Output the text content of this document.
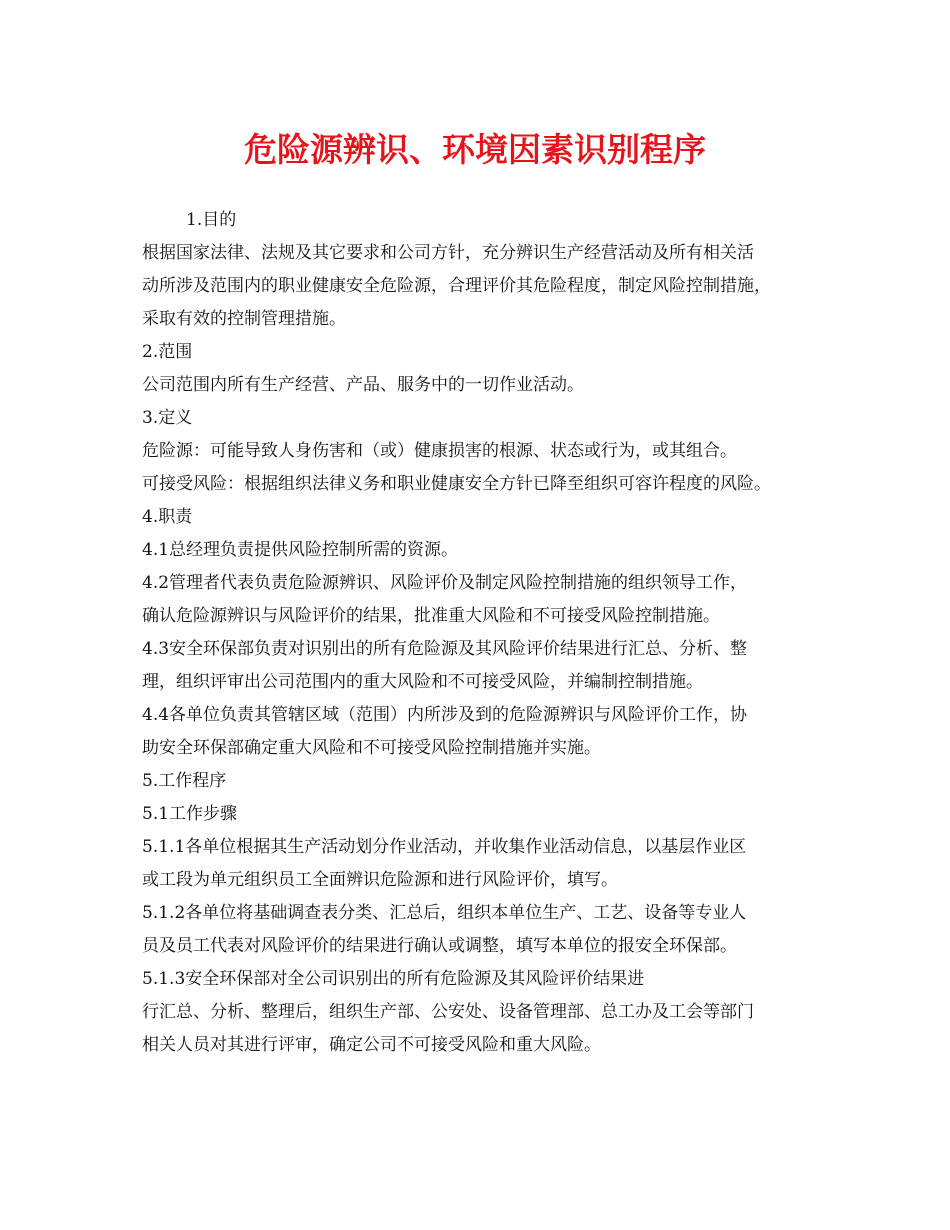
危险源辨识、环境因素识别程序
1.目的
根据国家法律、法规及其它要求和公司方针，充分辨识生产经营活动及所有相关活
动所涉及范围内的职业健康安全危险源，合理评价其危险程度，制定风险控制措施，
采取有效的控制管理措施。
2.范围
公司范围内所有生产经营、产品、服务中的一切作业活动。
3.定义
危险源：可能导致人身伤害和（或）健康损害的根源、状态或行为，或其组合。
可接受风险：根据组织法律义务和职业健康安全方针已降至组织可容许程度的风险。
4.职责
4.1总经理负责提供风险控制所需的资源。
4.2管理者代表负责危险源辨识、风险评价及制定风险控制措施的组织领导工作，
确认危险源辨识与风险评价的结果，批准重大风险和不可接受风险控制措施。
4.3安全环保部负责对识别出的所有危险源及其风险评价结果进行汇总、分析、整
理，组织评审出公司范围内的重大风险和不可接受风险，并编制控制措施。
4.4各单位负责其管辖区域（范围）内所涉及到的危险源辨识与风险评价工作，协
助安全环保部确定重大风险和不可接受风险控制措施并实施。
5.工作程序
5.1工作步骤
5.1.1各单位根据其生产活动划分作业活动，并收集作业活动信息，以基层作业区
或工段为单元组织员工全面辨识危险源和进行风险评价，填写。
5.1.2各单位将基础调查表分类、汇总后，组织本单位生产、工艺、设备等专业人
员及员工代表对风险评价的结果进行确认或调整，填写本单位的报安全环保部。
5.1.3安全环保部对全公司识别出的所有危险源及其风险评价结果进
行汇总、分析、整理后，组织生产部、公安处、设备管理部、总工办及工会等部门
相关人员对其进行评审，确定公司不可接受风险和重大风险。
